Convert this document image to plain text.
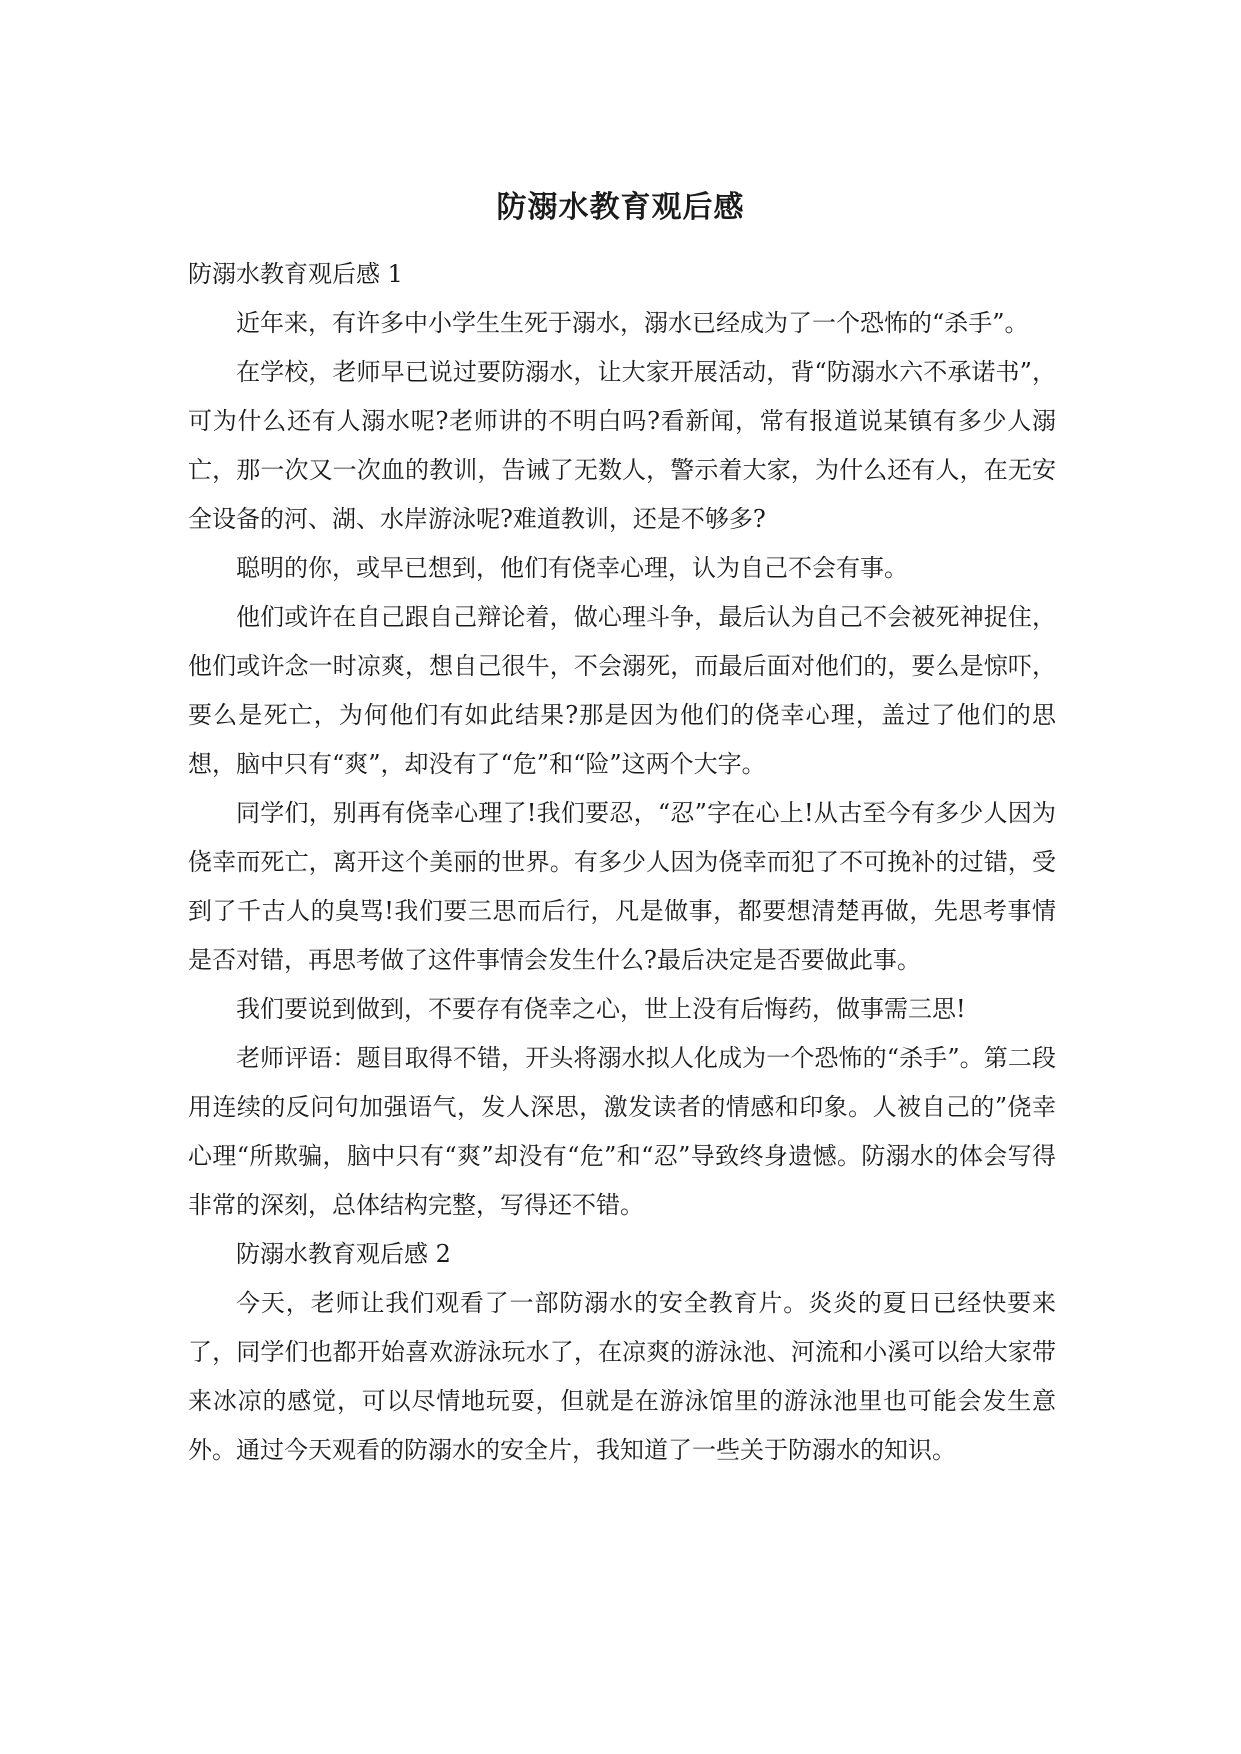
防溺水教育观后感

防溺水教育观后感 1

近年来，有许多中小学生生死于溺水，溺水已经成为了一个恐怖的“杀手”。

在学校，老师早已说过要防溺水，让大家开展活动，背“防溺水六不承诺书”，可为什么还有人溺水呢?老师讲的不明白吗?看新闻，常有报道说某镇有多少人溺亡，那一次又一次血的教训，告诫了无数人，警示着大家，为什么还有人，在无安全设备的河、湖、水岸游泳呢?难道教训，还是不够多?

聪明的你，或早已想到，他们有侥幸心理，认为自己不会有事。

他们或许在自己跟自己辩论着，做心理斗争，最后认为自己不会被死神捉住，他们或许念一时凉爽，想自己很牛，不会溺死，而最后面对他们的，要么是惊吓，要么是死亡，为何他们有如此结果?那是因为他们的侥幸心理，盖过了他们的思想，脑中只有“爽”，却没有了“危”和“险”这两个大字。

同学们，别再有侥幸心理了!我们要忍，“忍”字在心上!从古至今有多少人因为侥幸而死亡，离开这个美丽的世界。有多少人因为侥幸而犯了不可挽补的过错，受到了千古人的臭骂!我们要三思而后行，凡是做事，都要想清楚再做，先思考事情是否对错，再思考做了这件事情会发生什么?最后决定是否要做此事。

我们要说到做到，不要存有侥幸之心，世上没有后悔药，做事需三思!

老师评语：题目取得不错，开头将溺水拟人化成为一个恐怖的“杀手”。第二段用连续的反问句加强语气，发人深思，激发读者的情感和印象。人被自己的”侥幸心理“所欺骗，脑中只有“爽”却没有“危”和“忍”导致终身遗憾。防溺水的体会写得非常的深刻，总体结构完整，写得还不错。

防溺水教育观后感 2

今天，老师让我们观看了一部防溺水的安全教育片。炎炎的夏日已经快要来了，同学们也都开始喜欢游泳玩水了，在凉爽的游泳池、河流和小溪可以给大家带来冰凉的感觉，可以尽情地玩耍，但就是在游泳馆里的游泳池里也可能会发生意外。通过今天观看的防溺水的安全片，我知道了一些关于防溺水的知识。
